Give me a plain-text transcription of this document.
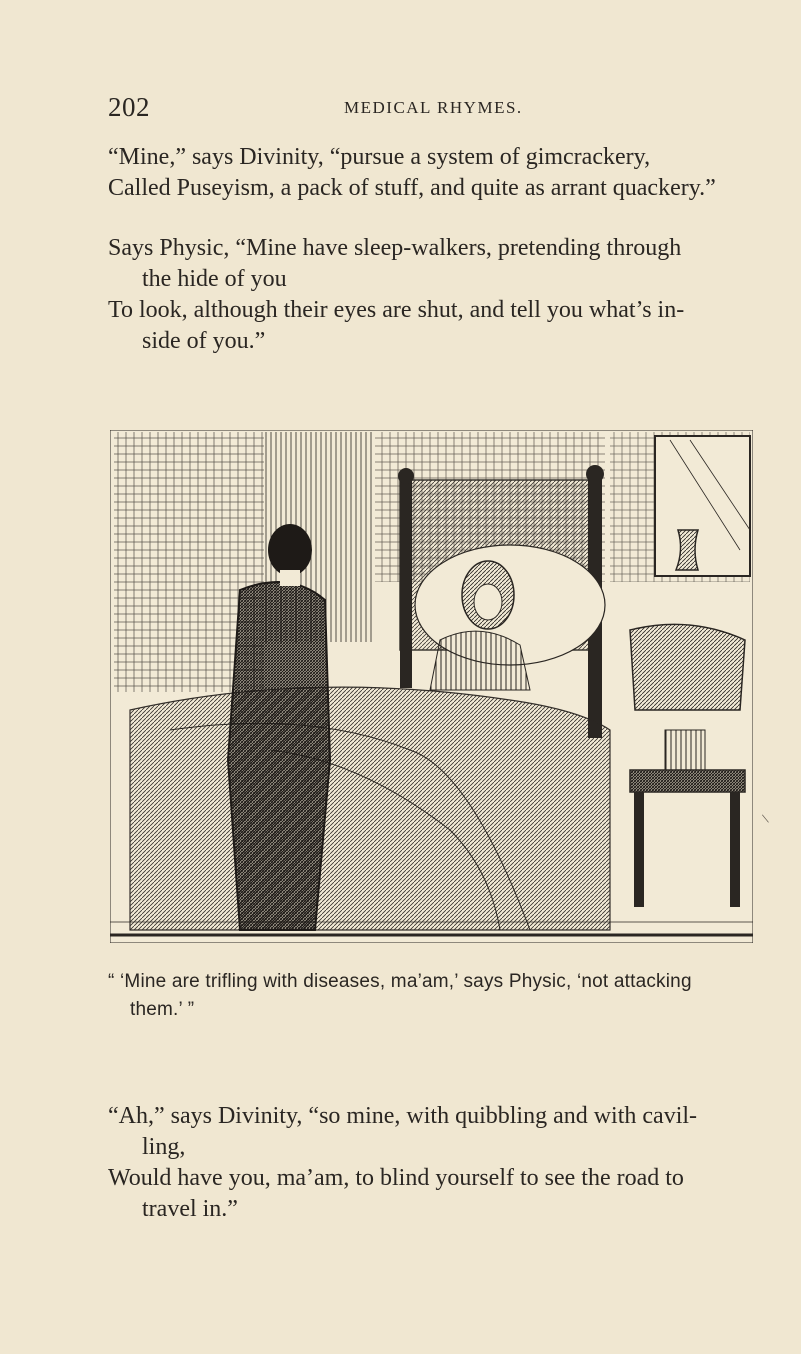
202	MEDICAL RHYMES.
“Mine,” says Divinity, “pursue a system of gimcrackery,
Called Puseyism, a pack of stuff, and quite as arrant quackery.”
Says Physic, “Mine have sleep-walkers, pretending through
the hide of you
To look, although their eyes are shut, and tell you what’s in-
side of you.”
“ ‘Mine are trifling with diseases, ma’am,’ says Physic, ‘not attacking
them.’ ”
“Ah,” says Divinity, “so mine, with quibbling and with cavil-
ling,
Would have you, ma’am, to blind yourself to see the road to
travel in.”
\
